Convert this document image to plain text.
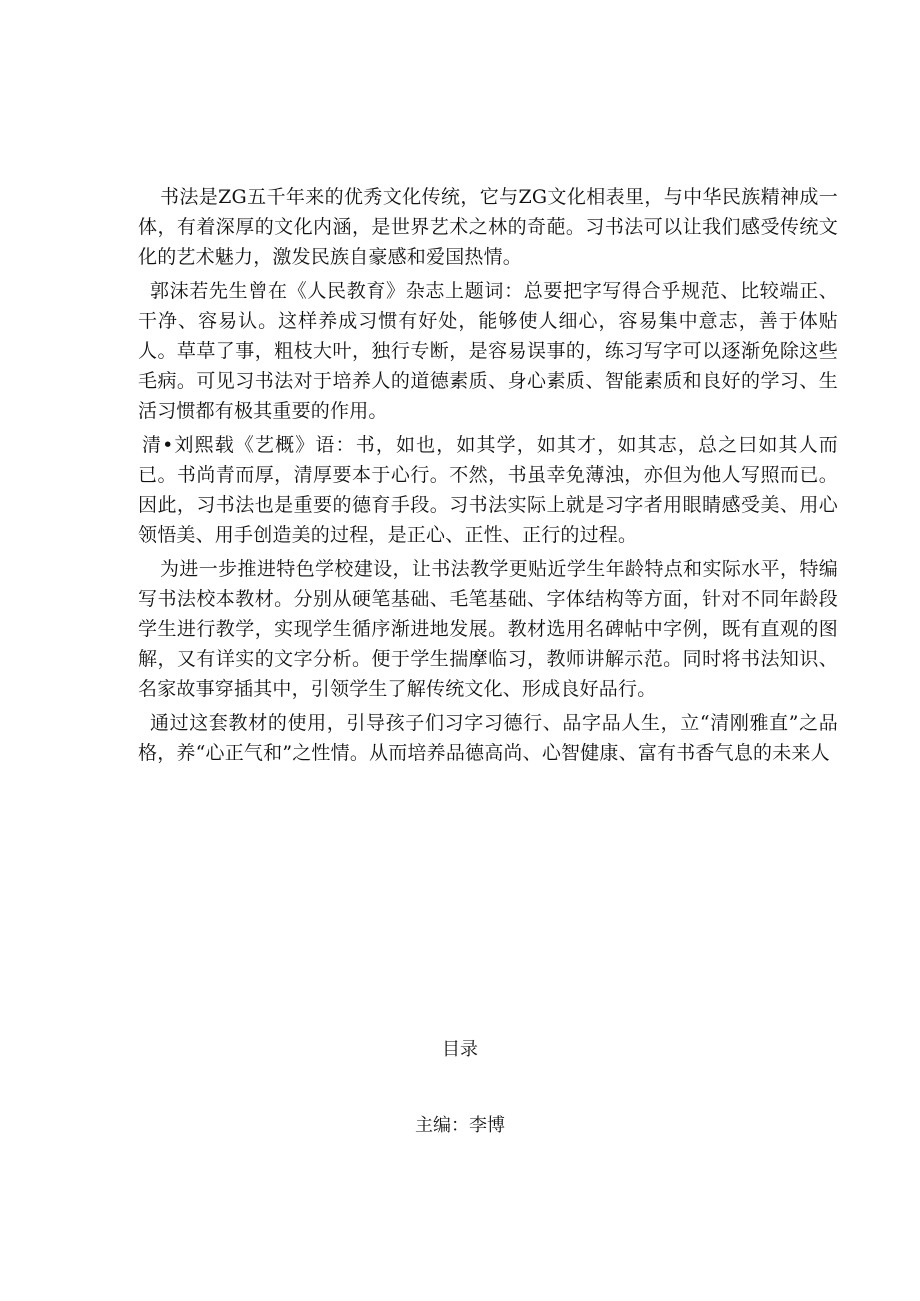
书法是ZG五千年来的优秀文化传统，它与ZG文化相表里，与中华民族精神成一体，有着深厚的文化内涵，是世界艺术之林的奇葩。习书法可以让我们感受传统文化的艺术魅力，激发民族自豪感和爱国热情。

郭沫若先生曾在《人民教育》杂志上题词：总要把字写得合乎规范、比较端正、干净、容易认。这样养成习惯有好处，能够使人细心，容易集中意志，善于体贴人。草草了事，粗枝大叶，独行专断，是容易误事的，练习写字可以逐渐免除这些毛病。可见习书法对于培养人的道德素质、身心素质、智能素质和良好的学习、生活习惯都有极其重要的作用。

清•刘熙载《艺概》语：书，如也，如其学，如其才，如其志，总之曰如其人而已。书尚青而厚，清厚要本于心行。不然，书虽幸免薄浊，亦但为他人写照而已。因此，习书法也是重要的德育手段。习书法实际上就是习字者用眼睛感受美、用心领悟美、用手创造美的过程，是正心、正性、正行的过程。

为进一步推进特色学校建设，让书法教学更贴近学生年龄特点和实际水平，特编写书法校本教材。分别从硬笔基础、毛笔基础、字体结构等方面，针对不同年龄段学生进行教学，实现学生循序渐进地发展。教材选用名碑帖中字例，既有直观的图解，又有详实的文字分析。便于学生揣摩临习，教师讲解示范。同时将书法知识、名家故事穿插其中，引领学生了解传统文化、形成良好品行。

通过这套教材的使用，引导孩子们习字习德行、品字品人生，立“清刚雅直”之品格，养“心正气和”之性情。从而培养品德高尚、心智健康、富有书香气息的未来人

目录

主编：李博
